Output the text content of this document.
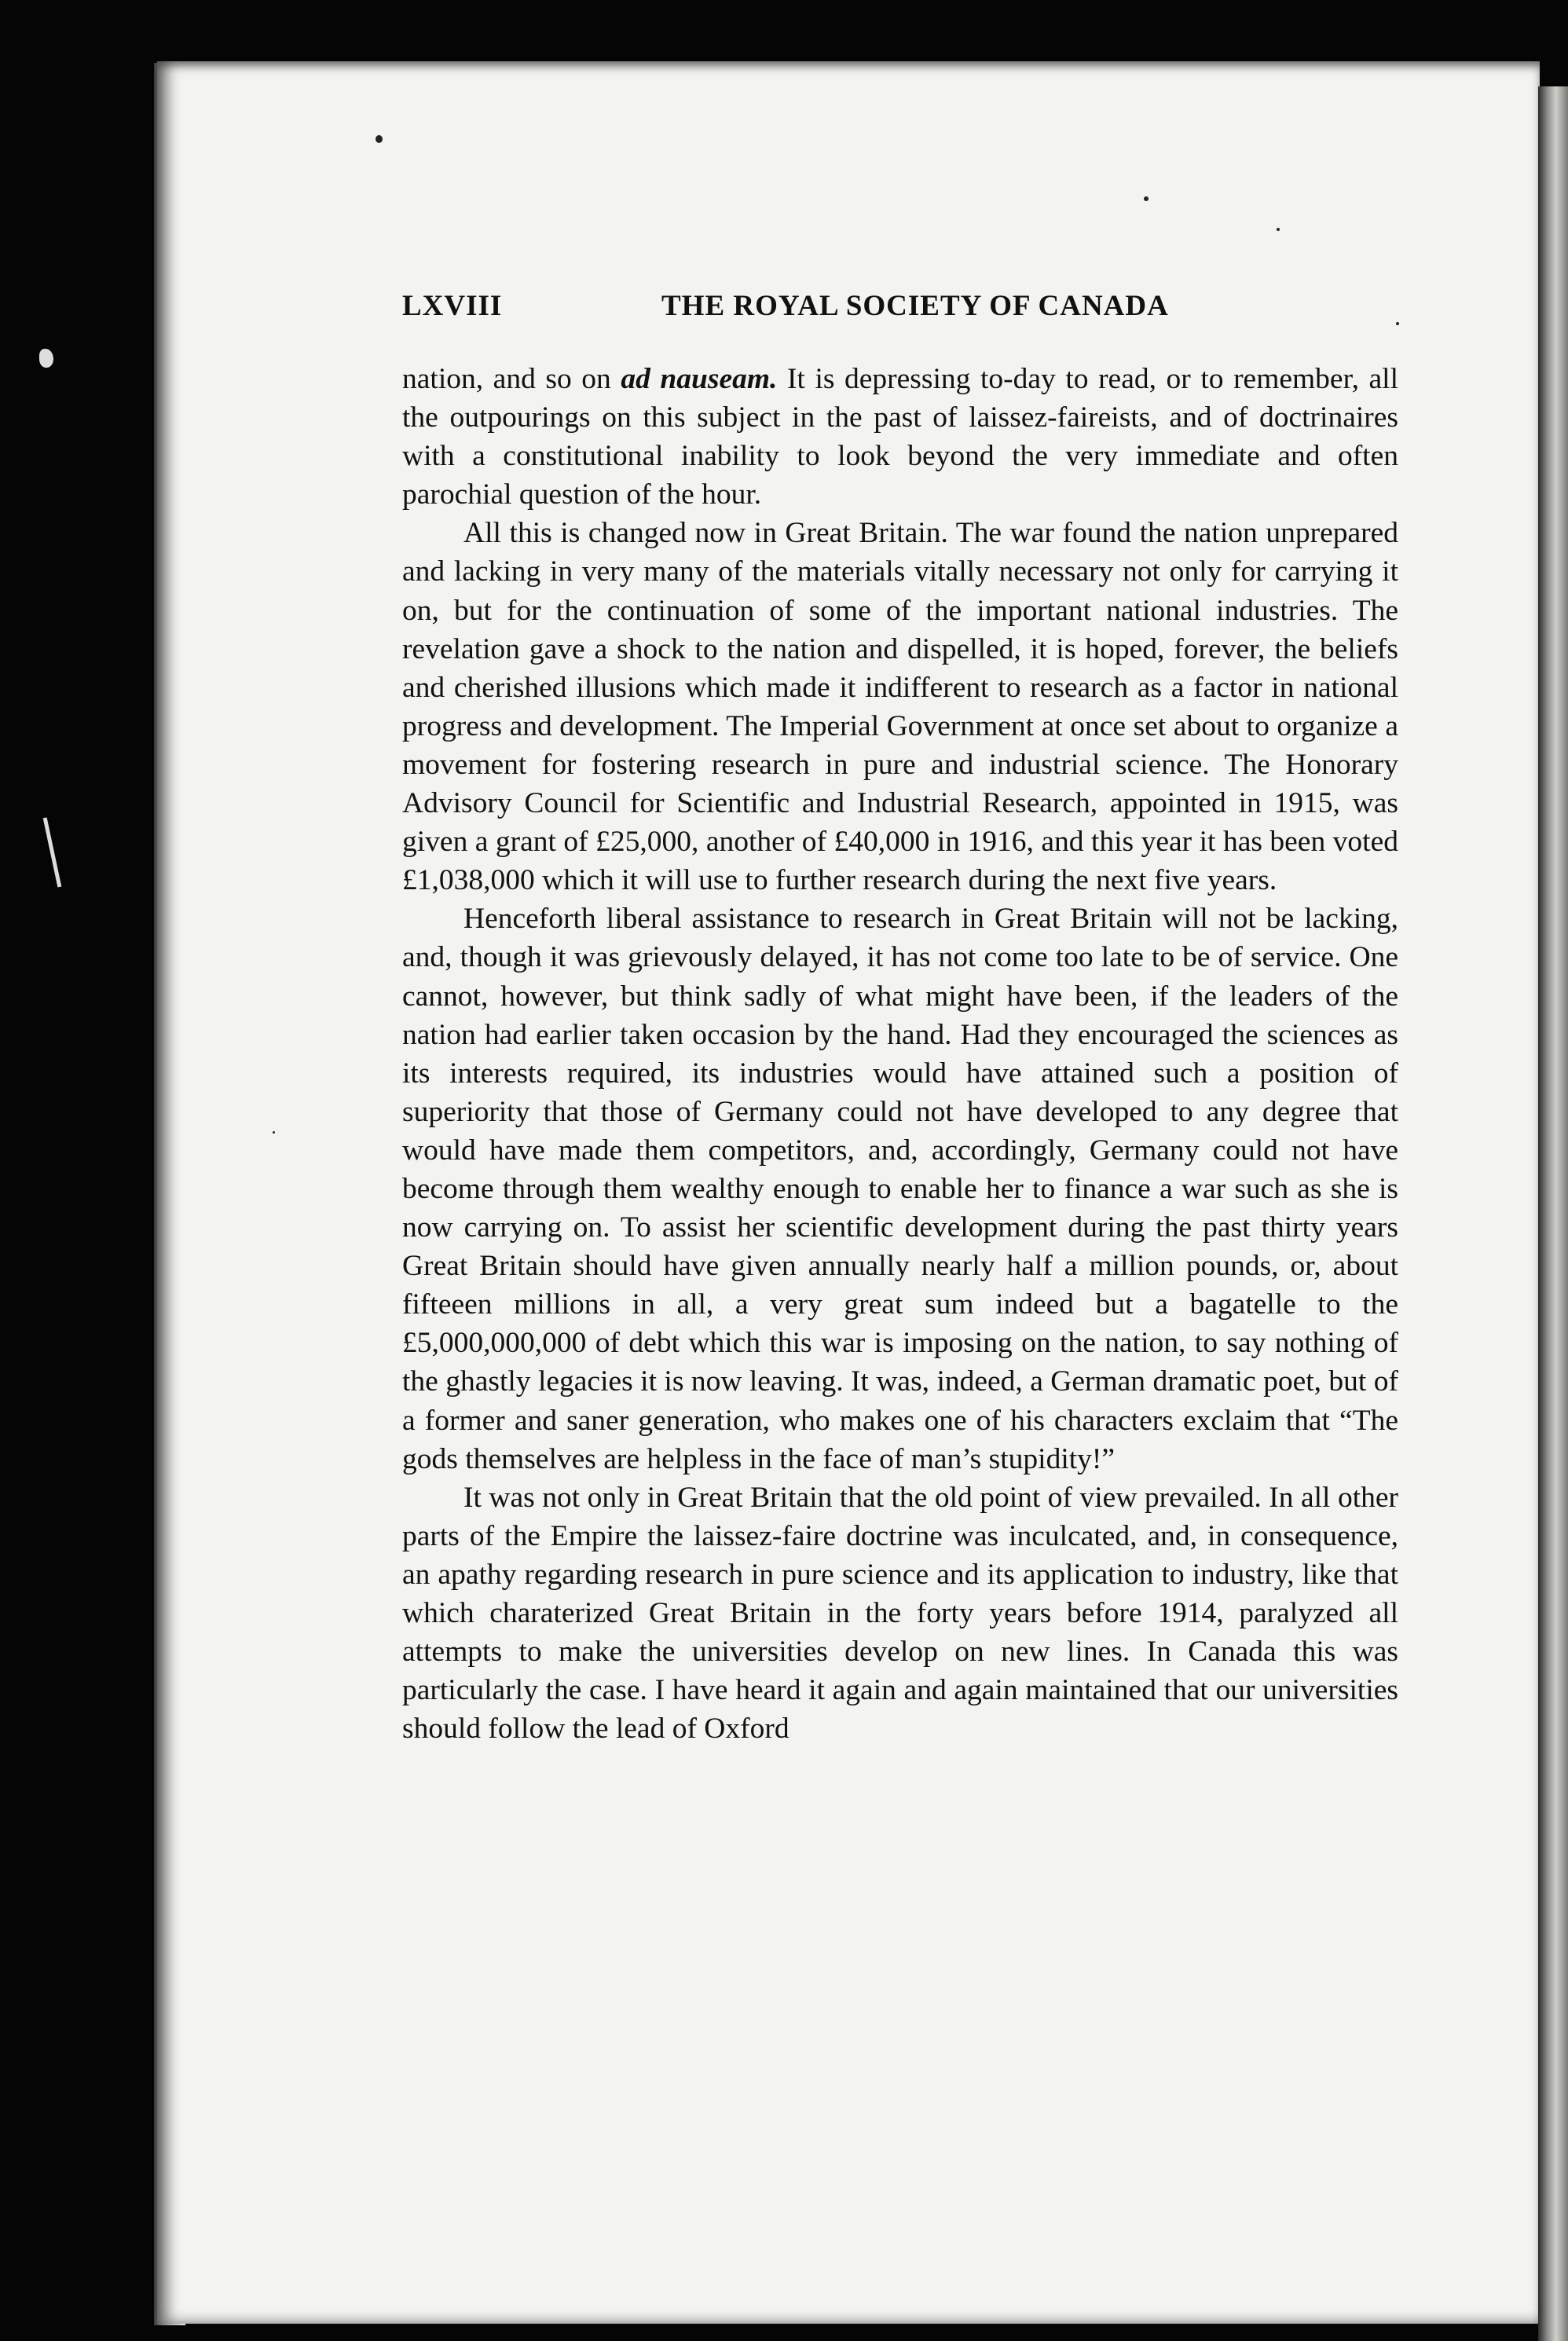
LXVIII	THE ROYAL SOCIETY OF CANADA

nation, and so on ad nauseam. It is depressing to-day to read, or to remember, all the outpourings on this subject in the past of laissez-faireists, and of doctrinaires with a constitutional inability to look beyond the very immediate and often parochial question of the hour.

All this is changed now in Great Britain. The war found the nation unprepared and lacking in very many of the materials vitally necessary not only for carrying it on, but for the continuation of some of the important national industries. The revelation gave a shock to the nation and dispelled, it is hoped, forever, the beliefs and cherished illusions which made it indifferent to research as a factor in national progress and development. The Imperial Government at once set about to organize a movement for fostering research in pure and industrial science. The Honorary Advisory Council for Scientific and Industrial Research, appointed in 1915, was given a grant of £25,000, another of £40,000 in 1916, and this year it has been voted £1,038,000 which it will use to further research during the next five years.

Henceforth liberal assistance to research in Great Britain will not be lacking, and, though it was grievously delayed, it has not come too late to be of service. One cannot, however, but think sadly of what might have been, if the leaders of the nation had earlier taken occasion by the hand. Had they encouraged the sciences as its interests required, its industries would have attained such a position of superiority that those of Germany could not have developed to any degree that would have made them competitors, and, accordingly, Germany could not have become through them wealthy enough to enable her to finance a war such as she is now carrying on. To assist her scientific development during the past thirty years Great Britain should have given annually nearly half a million pounds, or, about fifteeen millions in all, a very great sum indeed but a bagatelle to the £5,000,000,000 of debt which this war is imposing on the nation, to say nothing of the ghastly legacies it is now leaving. It was, indeed, a German dramatic poet, but of a former and saner generation, who makes one of his characters exclaim that “The gods themselves are helpless in the face of man’s stupidity!”

It was not only in Great Britain that the old point of view prevailed. In all other parts of the Empire the laissez-faire doctrine was inculcated, and, in consequence, an apathy regarding research in pure science and its application to industry, like that which charaterized Great Britain in the forty years before 1914, paralyzed all attempts to make the universities develop on new lines. In Canada this was particularly the case. I have heard it again and again maintained that our universities should follow the lead of Oxford
